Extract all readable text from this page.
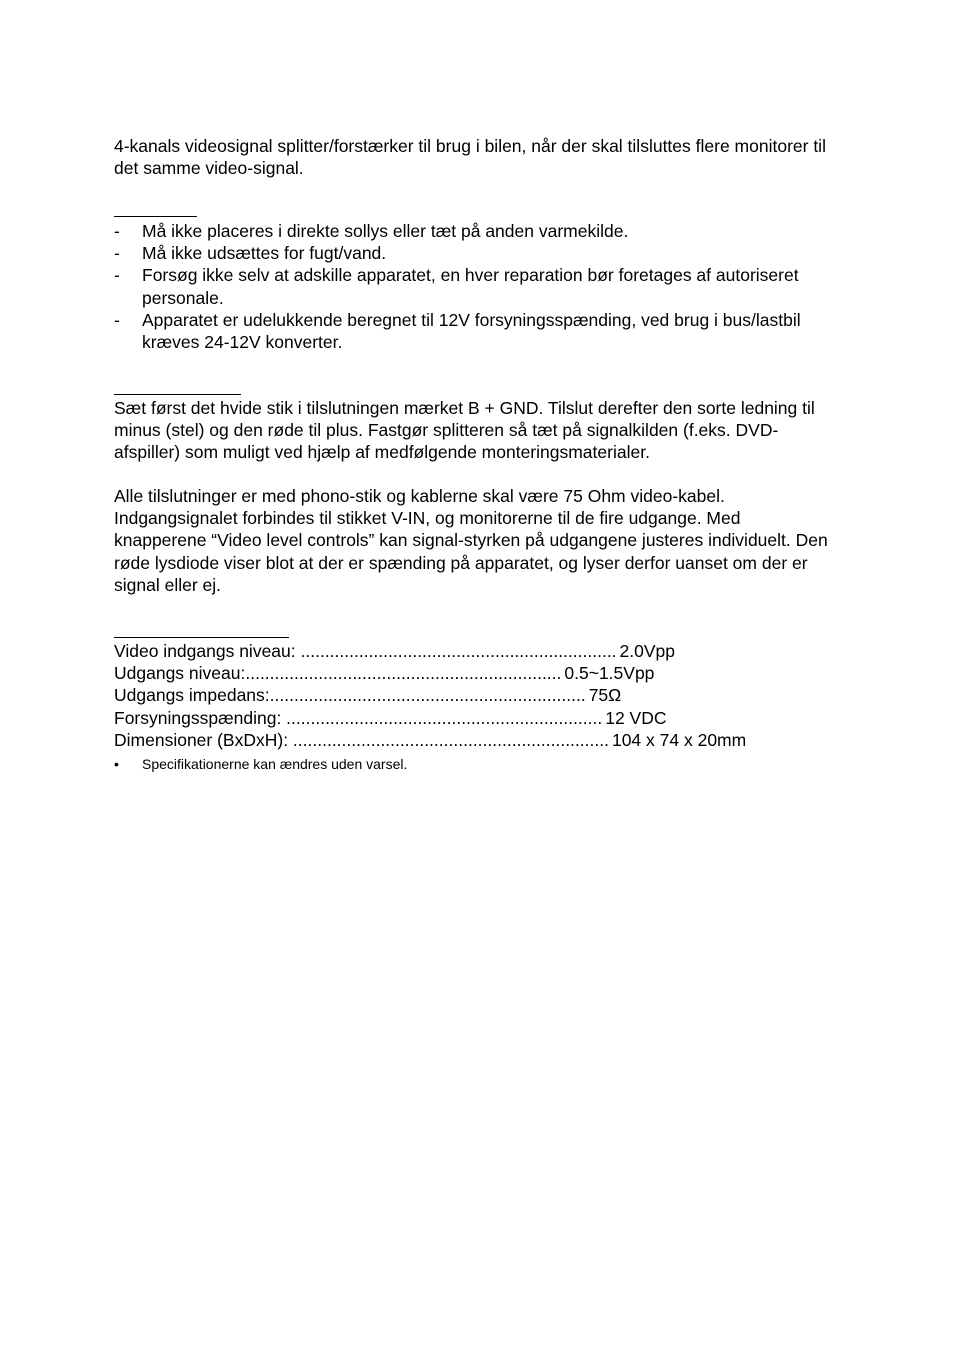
4-kanals videosignal splitter/forstærker til brug i bilen, når der skal tilsluttes flere monitorer til det samme video-signal.

- Må ikke placeres i direkte sollys eller tæt på anden varmekilde.
- Må ikke udsættes for fugt/vand.
- Forsøg ikke selv at adskille apparatet, en hver reparation bør foretages af autoriseret personale.
- Apparatet er udelukkende beregnet til 12V forsyningsspænding, ved brug i bus/lastbil kræves 24-12V konverter.

Sæt først det hvide stik i tilslutningen mærket B + GND. Tilslut derefter den sorte ledning til minus (stel) og den røde til plus. Fastgør splitteren så tæt på signalkilden (f.eks. DVD-afspiller) som muligt ved hjælp af medfølgende monteringsmaterialer.

Alle tilslutninger er med phono-stik og kablerne skal være 75 Ohm video-kabel. Indgangsignalet forbindes til stikket V-IN, og monitorerne til de fire udgange. Med knapperene “Video level controls” kan signal-styrken på udgangene justeres individuelt. Den røde lysdiode viser blot at der er spænding på apparatet, og lyser derfor uanset om der er signal eller ej.

Video indgangs niveau: ................................................................. 2.0Vpp
Udgangs niveau: ................................................................. 0.5~1.5Vpp
Udgangs impedans: ................................................................. 75Ω
Forsyningsspænding: ................................................................. 12 VDC
Dimensioner (BxDxH): ................................................................. 104 x 74 x 20mm
• Specifikationerne kan ændres uden varsel.
